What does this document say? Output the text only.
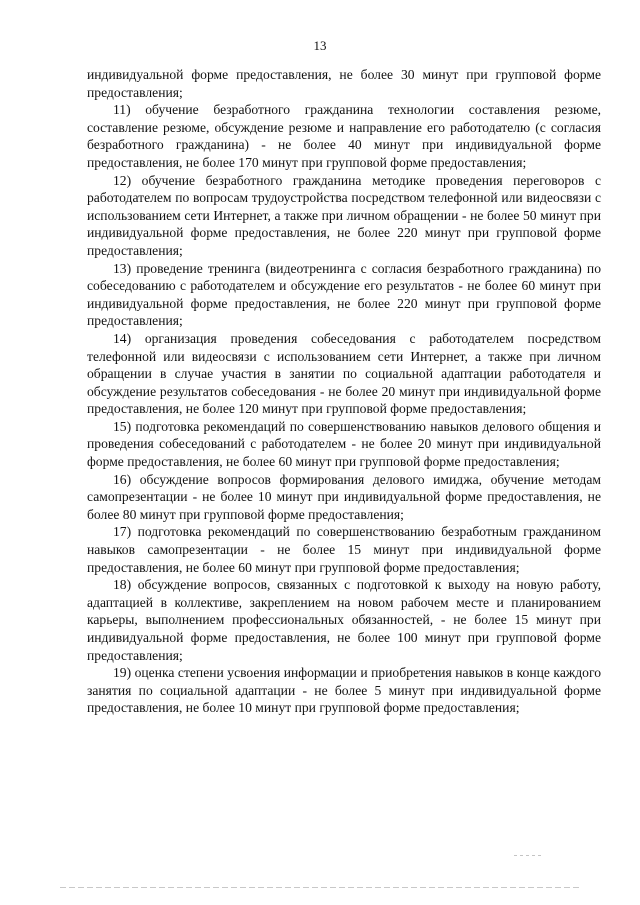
13

индивидуальной форме предоставления, не более 30 минут при групповой форме предоставления;

11) обучение безработного гражданина технологии составления резюме, составление резюме, обсуждение резюме и направление его работодателю (с согласия безработного гражданина) - не более 40 минут при индивидуальной форме предоставления, не более 170 минут при групповой форме предоставления;

12) обучение безработного гражданина методике проведения переговоров с работодателем по вопросам трудоустройства посредством телефонной или видеосвязи с использованием сети Интернет, а также при личном обращении - не более 50 минут при индивидуальной форме предоставления, не более 220 минут при групповой форме предоставления;

13) проведение тренинга (видеотренинга с согласия безработного гражданина) по собеседованию с работодателем и обсуждение его результатов - не более 60 минут при индивидуальной форме предоставления, не более 220 минут при групповой форме предоставления;

14) организация проведения собеседования с работодателем посредством телефонной или видеосвязи с использованием сети Интернет, а также при личном обращении в случае участия в занятии по социальной адаптации работодателя и обсуждение результатов собеседования - не более 20 минут при индивидуальной форме предоставления, не более 120 минут при групповой форме предоставления;

15) подготовка рекомендаций по совершенствованию навыков делового общения и проведения собеседований с работодателем - не более 20 минут при индивидуальной форме предоставления, не более 60 минут при групповой форме предоставления;

16) обсуждение вопросов формирования делового имиджа, обучение методам самопрезентации - не более 10 минут при индивидуальной форме предоставления, не более 80 минут при групповой форме предоставления;

17) подготовка рекомендаций по совершенствованию безработным гражданином навыков самопрезентации - не более 15 минут при индивидуальной форме предоставления, не более 60 минут при групповой форме предоставления;

18) обсуждение вопросов, связанных с подготовкой к выходу на новую работу, адаптацией в коллективе, закреплением на новом рабочем месте и планированием карьеры, выполнением профессиональных обязанностей, - не более 15 минут при индивидуальной форме предоставления, не более 100 минут при групповой форме предоставления;

19) оценка степени усвоения информации и приобретения навыков в конце каждого занятия по социальной адаптации - не более 5 минут при индивидуальной форме предоставления, не более 10 минут при групповой форме предоставления;
